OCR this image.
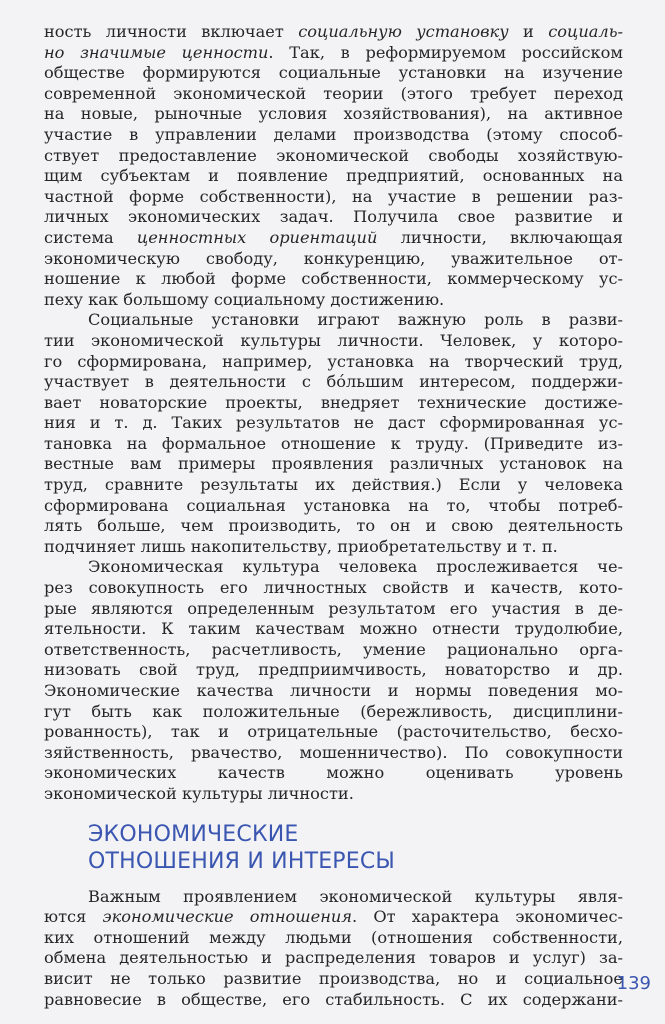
ность личности включает социальную установку и социаль-
но значимые ценности. Так, в реформируемом российском
обществе формируются социальные установки на изучение
современной экономической теории (этого требует переход
на новые, рыночные условия хозяйствования), на активное
участие в управлении делами производства (этому способ-
ствует предоставление экономической свободы хозяйствую-
щим субъектам и появление предприятий, основанных на
частной форме собственности), на участие в решении раз-
личных экономических задач. Получила свое развитие и
система ценностных ориентаций личности, включающая
экономическую свободу, конкуренцию, уважительное от-
ношение к любой форме собственности, коммерческому ус-
пеху как большому социальному достижению.
Социальные установки играют важную роль в разви-
тии экономической культуры личности. Человек, у которо-
го сформирована, например, установка на творческий труд,
участвует в деятельности с бóльшим интересом, поддержи-
вает новаторские проекты, внедряет технические достиже-
ния и т. д. Таких результатов не даст сформированная ус-
тановка на формальное отношение к труду. (Приведите из-
вестные вам примеры проявления различных установок на
труд, сравните результаты их действия.) Если у человека
сформирована социальная установка на то, чтобы потреб-
лять больше, чем производить, то он и свою деятельность
подчиняет лишь накопительству, приобретательству и т. п.
Экономическая культура человека прослеживается че-
рез совокупность его личностных свойств и качеств, кото-
рые являются определенным результатом его участия в де-
ятельности. К таким качествам можно отнести трудолюбие,
ответственность, расчетливость, умение рационально орга-
низовать свой труд, предприимчивость, новаторство и др.
Экономические качества личности и нормы поведения мо-
гут быть как положительные (бережливость, дисциплини-
рованность), так и отрицательные (расточительство, бесхо-
зяйственность, рвачество, мошенничество). По совокупности
экономических качеств можно оценивать уровень
экономической культуры личности.
ЭКОНОМИЧЕСКИЕ
ОТНОШЕНИЯ И ИНТЕРЕСЫ
Важным проявлением экономической культуры явля-
ются экономические отношения. От характера экономичес-
ких отношений между людьми (отношения собственности,
обмена деятельностью и распределения товаров и услуг) за-
висит не только развитие производства, но и социальное
равновесие в обществе, его стабильность. С их содержани-
139
